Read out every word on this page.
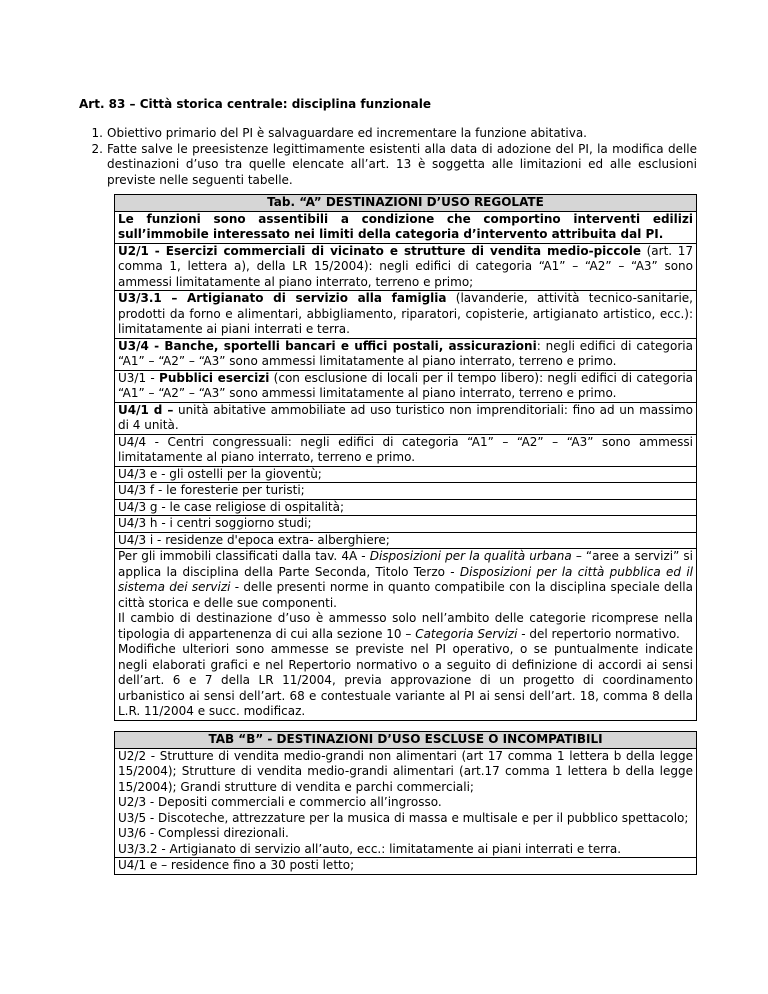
Art. 83 – Città storica centrale: disciplina funzionale
1. Obiettivo primario del PI è salvaguardare ed incrementare la funzione abitativa.
2. Fatte salve le preesistenze legittimamente esistenti alla data di adozione del PI, la modifica delle destinazioni d’uso tra quelle elencate all’art. 13 è soggetta alle limitazioni ed alle esclusioni previste nelle seguenti tabelle.
Tab. “A” DESTINAZIONI D’USO REGOLATE
Le funzioni sono assentibili a condizione che comportino interventi edilizi sull’immobile interessato nei limiti della categoria d’intervento attribuita dal PI.
U2/1 - Esercizi commerciali di vicinato e strutture di vendita medio-piccole (art. 17 comma 1, lettera a), della LR 15/2004): negli edifici di categoria “A1” – “A2” – “A3” sono ammessi limitatamente al piano interrato, terreno e primo;
U3/3.1 – Artigianato di servizio alla famiglia (lavanderie, attività tecnico-sanitarie, prodotti da forno e alimentari, abbigliamento, riparatori, copisterie, artigianato artistico, ecc.): limitatamente ai piani interrati e terra.
U3/4 - Banche, sportelli bancari e uffici postali, assicurazioni: negli edifici di categoria “A1” – “A2” – “A3” sono ammessi limitatamente al piano interrato, terreno e primo.
U3/1 - Pubblici esercizi (con esclusione di locali per il tempo libero): negli edifici di categoria “A1” – “A2” – “A3” sono ammessi limitatamente al piano interrato, terreno e primo.
U4/1 d – unità abitative ammobiliate ad uso turistico non imprenditoriali: fino ad un massimo di 4 unità.
U4/4 - Centri congressuali: negli edifici di categoria “A1” – “A2” – “A3” sono ammessi limitatamente al piano interrato, terreno e primo.
U4/3 e - gli ostelli per la gioventù;
U4/3 f - le foresterie per turisti;
U4/3 g - le case religiose di ospitalità;
U4/3 h - i centri soggiorno studi;
U4/3 i - residenze d'epoca extra- alberghiere;
Per gli immobili classificati dalla tav. 4A - Disposizioni per la qualità urbana – “aree a servizi” si applica la disciplina della Parte Seconda, Titolo Terzo - Disposizioni per la città pubblica ed il sistema dei servizi - delle presenti norme in quanto compatibile con la disciplina speciale della città storica e delle sue componenti.
Il cambio di destinazione d’uso è ammesso solo nell’ambito delle categorie ricomprese nella tipologia di appartenenza di cui alla sezione 10 – Categoria Servizi - del repertorio normativo.
Modifiche ulteriori sono ammesse se previste nel PI operativo, o se puntualmente indicate negli elaborati grafici e nel Repertorio normativo o a seguito di definizione di accordi ai sensi dell’art. 6 e 7 della LR 11/2004, previa approvazione di un progetto di coordinamento urbanistico ai sensi dell’art. 68 e contestuale variante al PI ai sensi dell’art. 18, comma 8 della L.R. 11/2004 e succ. modificaz.
TAB “B” - DESTINAZIONI D’USO ESCLUSE O INCOMPATIBILI
U2/2 - Strutture di vendita medio-grandi non alimentari (art 17 comma 1 lettera b della legge 15/2004); Strutture di vendita medio-grandi alimentari (art.17 comma 1 lettera b della legge 15/2004); Grandi strutture di vendita e parchi commerciali;
U2/3 - Depositi commerciali e commercio all’ingrosso.
U3/5 - Discoteche, attrezzature per la musica di massa e multisale e per il pubblico spettacolo;
U3/6 - Complessi direzionali.
U3/3.2 - Artigianato di servizio all’auto, ecc.: limitatamente ai piani interrati e terra.
U4/1 e – residence fino a 30 posti letto;
